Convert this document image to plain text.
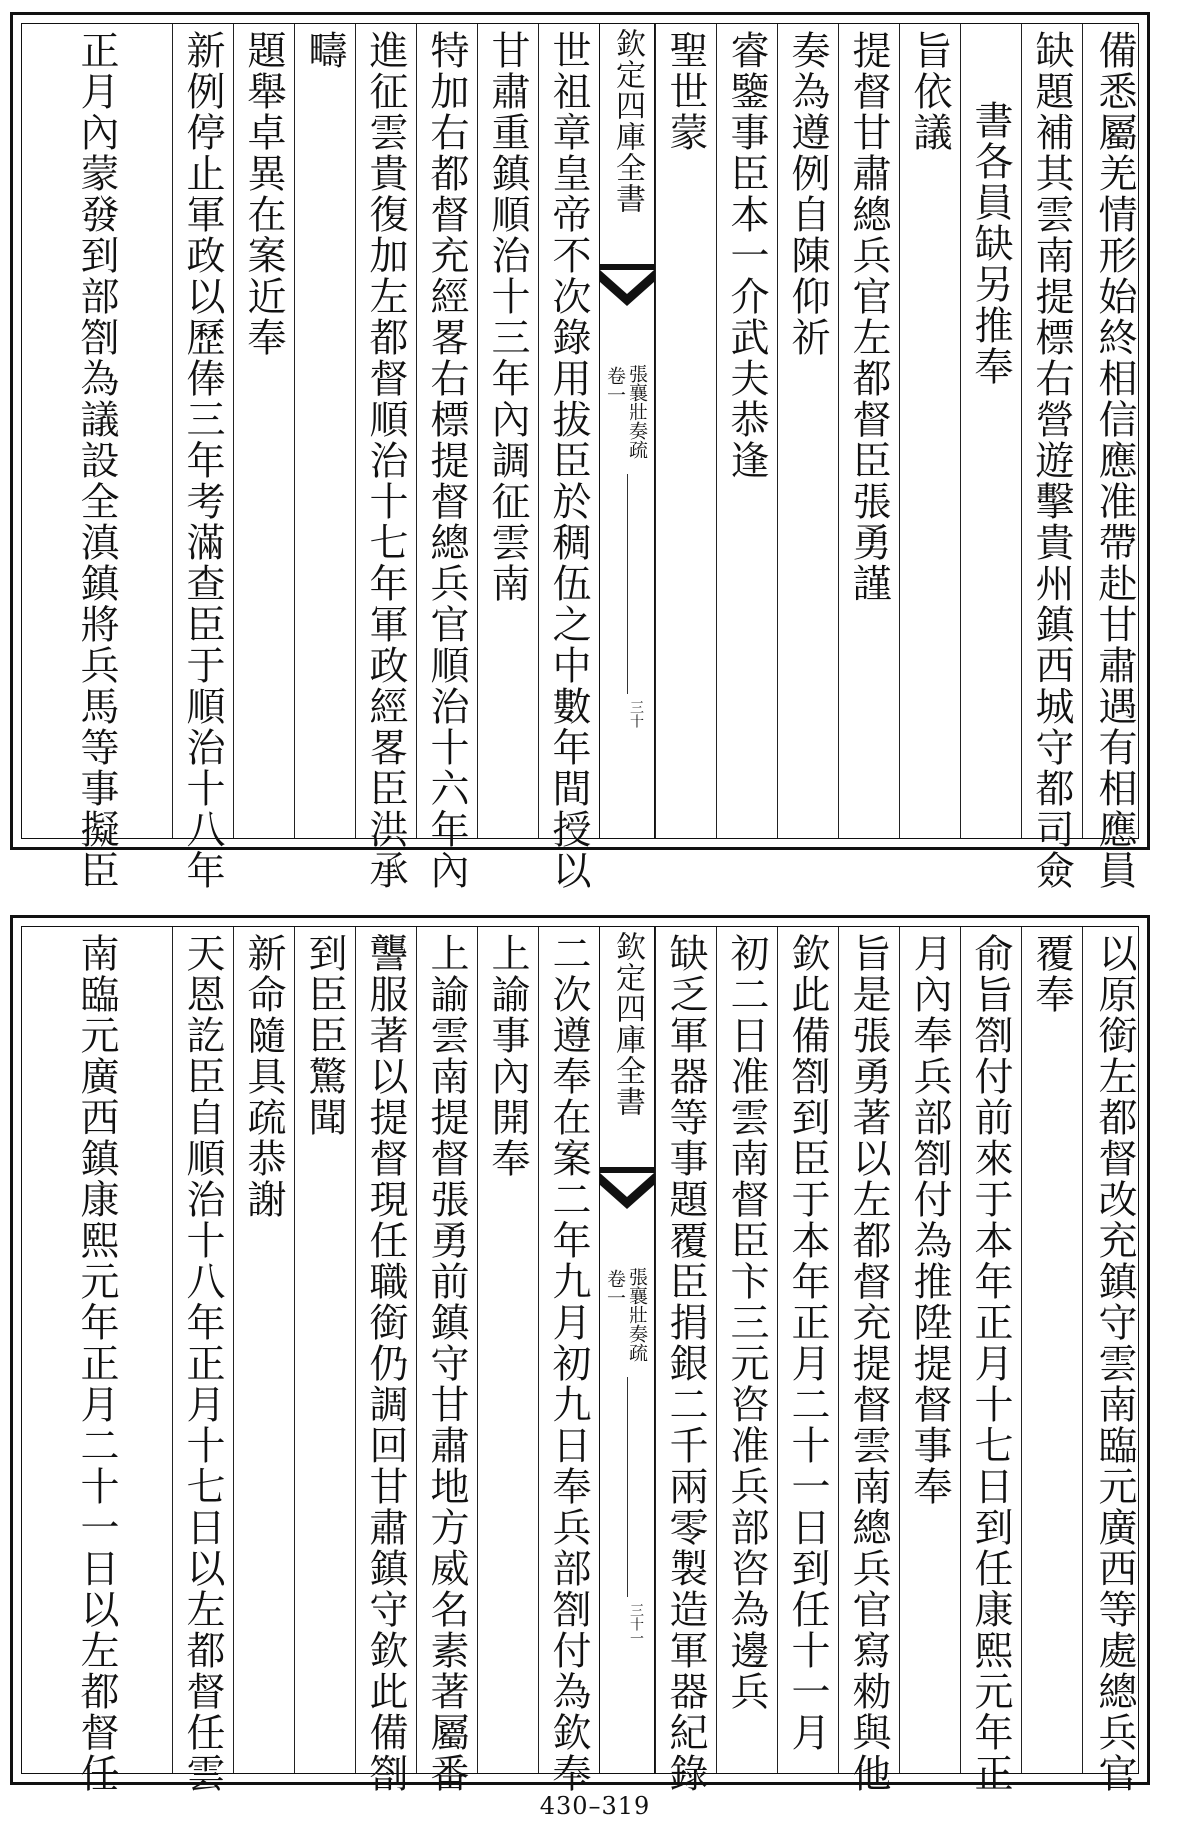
備悉屬羌情形始終相信應准帶赴甘肅遇有相應員
缺題補其雲南提標右營遊擊貴州鎮西城守都司僉
書各員缺另推奉
旨依議
提督甘肅總兵官左都督臣張勇謹
奏為遵例自陳仰祈
睿鑒事臣本一介武夫恭逢
聖世蒙
欽定四庫全書
張襄壯奏疏
卷一
三十
世祖章皇帝不次錄用拔臣於稠伍之中數年間授以
甘肅重鎮順治十三年內調征雲南
特加右都督充經畧右標提督總兵官順治十六年內
進征雲貴復加左都督順治十七年軍政經畧臣洪承
疇
題舉卓異在案近奉
新例停止軍政以歷俸三年考滿查臣于順治十八年
正月內蒙發到部劄為議設全滇鎮將兵馬等事擬臣
以原銜左都督改充鎮守雲南臨元廣西等處總兵官
覆奉
俞旨劄付前來于本年正月十七日到任康熙元年正
月內奉兵部劄付為推陞提督事奉
旨是張勇著以左都督充提督雲南總兵官寫勑與他
欽此備劄到臣于本年正月二十一日到任十一月
初二日准雲南督臣卞三元咨准兵部咨為邊兵
缺乏軍器等事題覆臣捐銀二千兩零製造軍器紀錄
欽定四庫全書
張襄壯奏疏
卷一
三十一
二次遵奉在案二年九月初九日奉兵部劄付為欽奉
上諭事內開奉
上諭雲南提督張勇前鎮守甘肅地方威名素著屬番
讋服著以提督現任職銜仍調回甘肅鎮守欽此備劄
到臣臣驚聞
新命隨具疏恭謝
天恩訖臣自順治十八年正月十七日以左都督任雲
南臨元廣西鎮康熙元年正月二十一日以左都督任
430–319
